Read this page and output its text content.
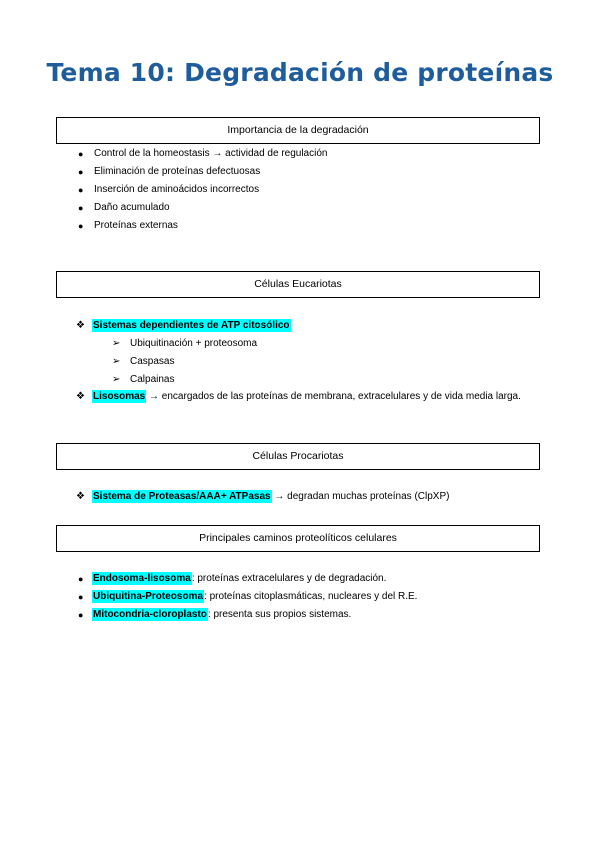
Tema 10: Degradación de proteínas
Importancia de la degradación
● Control de la homeostasis → actividad de regulación
● Eliminación de proteínas defectuosas
● Inserción de aminoácidos incorrectos
● Daño acumulado
● Proteínas externas
Células Eucariotas
❖ Sistemas dependientes de ATP citosólico
➢ Ubiquitinación + proteosoma
➢ Caspasas
➢ Calpainas
❖ Lisosomas → encargados de las proteínas de membrana, extracelulares y de vida media larga.
Células Procariotas
❖ Sistema de Proteasas/AAA+ ATPasas → degradan muchas proteínas (ClpXP)
Principales caminos proteolíticos celulares
● Endosoma-lisosoma: proteínas extracelulares y de degradación.
● Ubiquitina-Proteosoma: proteínas citoplasmáticas, nucleares y del R.E.
● Mitocondria-cloroplasto: presenta sus propios sistemas.
